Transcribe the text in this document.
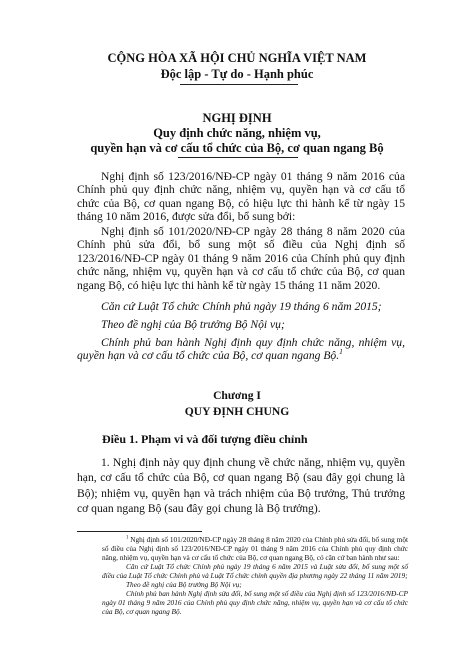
CỘNG HÒA XÃ HỘI CHỦ NGHĨA VIỆT NAM
Độc lập - Tự do - Hạnh phúc
NGHỊ ĐỊNH
Quy định chức năng, nhiệm vụ,
quyền hạn và cơ cấu tổ chức của Bộ, cơ quan ngang Bộ
Nghị định số 123/2016/NĐ-CP ngày 01 tháng 9 năm 2016 của Chính phủ quy định chức năng, nhiệm vụ, quyền hạn và cơ cấu tổ chức của Bộ, cơ quan ngang Bộ, có hiệu lực thi hành kể từ ngày 15 tháng 10 năm 2016, được sửa đổi, bổ sung bởi:
Nghị định số 101/2020/NĐ-CP ngày 28 tháng 8 năm 2020 của Chính phủ sửa đổi, bổ sung một số điều của Nghị định số 123/2016/NĐ-CP ngày 01 tháng 9 năm 2016 của Chính phủ quy định chức năng, nhiệm vụ, quyền hạn và cơ cấu tổ chức của Bộ, cơ quan ngang Bộ, có hiệu lực thi hành kể từ ngày 15 tháng 11 năm 2020.
Căn cứ Luật Tổ chức Chính phủ ngày 19 tháng 6 năm 2015;
Theo đề nghị của Bộ trưởng Bộ Nội vụ;
Chính phủ ban hành Nghị định quy định chức năng, nhiệm vụ, quyền hạn và cơ cấu tổ chức của Bộ, cơ quan ngang Bộ.$^1$
Chương I
QUY ĐỊNH CHUNG
Điều 1. Phạm vi và đối tượng điều chỉnh
1. Nghị định này quy định chung về chức năng, nhiệm vụ, quyền hạn, cơ cấu tổ chức của Bộ, cơ quan ngang Bộ (sau đây gọi chung là Bộ); nhiệm vụ, quyền hạn và trách nhiệm của Bộ trưởng, Thủ trưởng cơ quan ngang Bộ (sau đây gọi chung là Bộ trưởng).
$^1$ Nghị định số 101/2020/NĐ-CP ngày 28 tháng 8 năm 2020 của Chính phủ sửa đổi, bổ sung một số điều của Nghị định số 123/2016/NĐ-CP ngày 01 tháng 9 năm 2016 của Chính phủ quy định chức năng, nhiệm vụ, quyền hạn và cơ cấu tổ chức của Bộ, cơ quan ngang Bộ, có căn cứ ban hành như sau:
Căn cứ Luật Tổ chức Chính phủ ngày 19 tháng 6 năm 2015 và Luật sửa đổi, bổ sung một số điều của Luật Tổ chức Chính phủ và Luật Tổ chức chính quyền địa phương ngày 22 tháng 11 năm 2019;
Theo đề nghị của Bộ trưởng Bộ Nội vụ;
Chính phủ ban hành Nghị định sửa đổi, bổ sung một số điều của Nghị định số 123/2016/NĐ-CP ngày 01 tháng 9 năm 2016 của Chính phủ quy định chức năng, nhiệm vụ, quyền hạn và cơ cấu tổ chức của Bộ, cơ quan ngang Bộ.
